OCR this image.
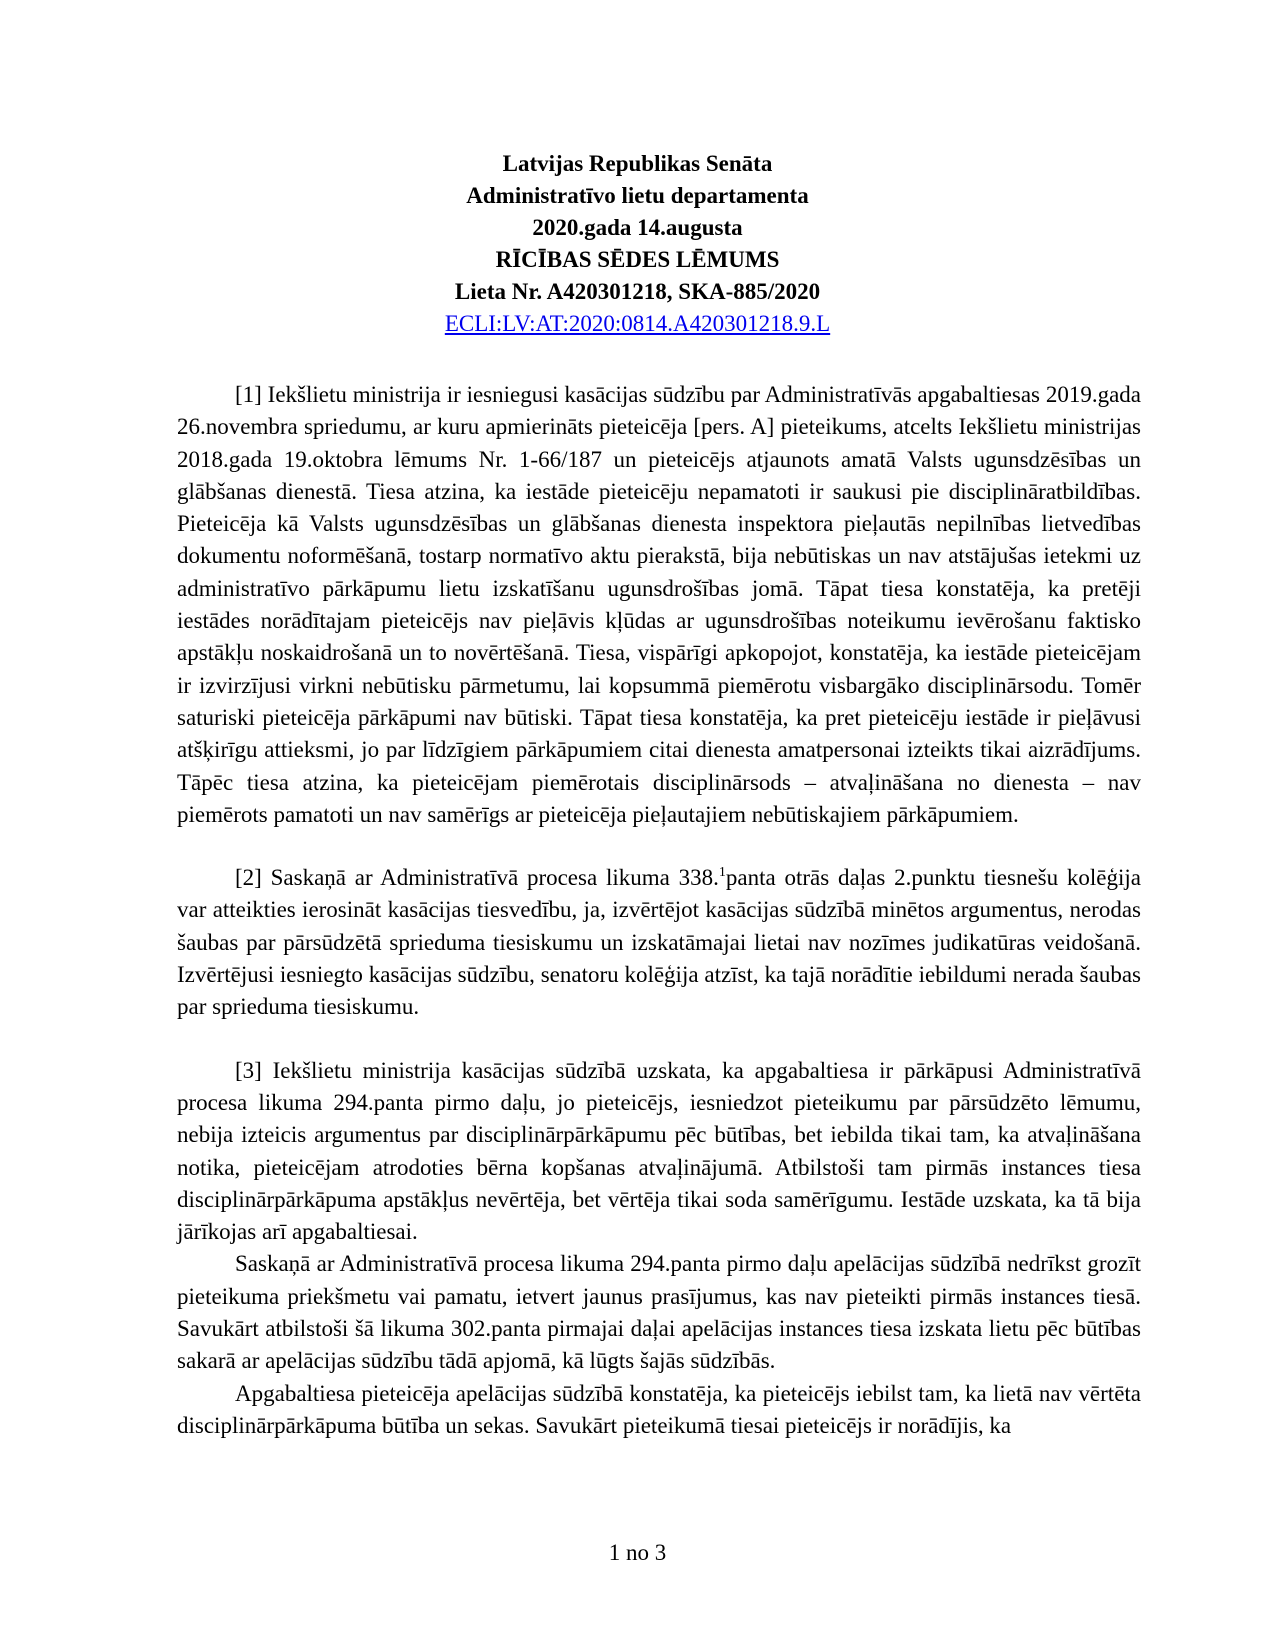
Latvijas Republikas Senāta
Administratīvo lietu departamenta
2020.gada 14.augusta
RĪCĪBAS SĒDES LĒMUMS
Lieta Nr. A420301218, SKA-885/2020
ECLI:LV:AT:2020:0814.A420301218.9.L

[1] Iekšlietu ministrija ir iesniegusi kasācijas sūdzību par Administratīvās apgabaltiesas 2019.gada 26.novembra spriedumu, ar kuru apmierināts pieteicēja [pers. A] pieteikums, atcelts Iekšlietu ministrijas 2018.gada 19.oktobra lēmums Nr. 1-66/187 un pieteicējs atjaunots amatā Valsts ugunsdzēsības un glābšanas dienestā. Tiesa atzina, ka iestāde pieteicēju nepamatoti ir saukusi pie disciplināratbildības. Pieteicēja kā Valsts ugunsdzēsības un glābšanas dienesta inspektora pieļautās nepilnības lietvedības dokumentu noformēšanā, tostarp normatīvo aktu pierakstā, bija nebūtiskas un nav atstājušas ietekmi uz administratīvo pārkāpumu lietu izskatīšanu ugunsdrošības jomā. Tāpat tiesa konstatēja, ka pretēji iestādes norādītajam pieteicējs nav pieļāvis kļūdas ar ugunsdrošības noteikumu ievērošanu faktisko apstākļu noskaidrošanā un to novērtēšanā. Tiesa, vispārīgi apkopojot, konstatēja, ka iestāde pieteicējam ir izvirzījusi virkni nebūtisku pārmetumu, lai kopsummā piemērotu visbargāko disciplinārsodu. Tomēr saturiski pieteicēja pārkāpumi nav būtiski. Tāpat tiesa konstatēja, ka pret pieteicēju iestāde ir pieļāvusi atšķirīgu attieksmi, jo par līdzīgiem pārkāpumiem citai dienesta amatpersonai izteikts tikai aizrādījums. Tāpēc tiesa atzina, ka pieteicējam piemērotais disciplinārsods – atvaļināšana no dienesta – nav piemērots pamatoti un nav samērīgs ar pieteicēja pieļautajiem nebūtiskajiem pārkāpumiem.

[2] Saskaņā ar Administratīvā procesa likuma 338.$^1$panta otrās daļas 2.punktu tiesnešu kolēģija var atteikties ierosināt kasācijas tiesvedību, ja, izvērtējot kasācijas sūdzībā minētos argumentus, nerodas šaubas par pārsūdzētā sprieduma tiesiskumu un izskatāmajai lietai nav nozīmes judikatūras veidošanā. Izvērtējusi iesniegto kasācijas sūdzību, senatoru kolēģija atzīst, ka tajā norādītie iebildumi nerada šaubas par sprieduma tiesiskumu.

[3] Iekšlietu ministrija kasācijas sūdzībā uzskata, ka apgabaltiesa ir pārkāpusi Administratīvā procesa likuma 294.panta pirmo daļu, jo pieteicējs, iesniedzot pieteikumu par pārsūdzēto lēmumu, nebija izteicis argumentus par disciplinārpārkāpumu pēc būtības, bet iebilda tikai tam, ka atvaļināšana notika, pieteicējam atrodoties bērna kopšanas atvaļinājumā. Atbilstoši tam pirmās instances tiesa disciplinārpārkāpuma apstākļus nevērtēja, bet vērtēja tikai soda samērīgumu. Iestāde uzskata, ka tā bija jārīkojas arī apgabaltiesai.

Saskaņā ar Administratīvā procesa likuma 294.panta pirmo daļu apelācijas sūdzībā nedrīkst grozīt pieteikuma priekšmetu vai pamatu, ietvert jaunus prasījumus, kas nav pieteikti pirmās instances tiesā. Savukārt atbilstoši šā likuma 302.panta pirmajai daļai apelācijas instances tiesa izskata lietu pēc būtības sakarā ar apelācijas sūdzību tādā apjomā, kā lūgts šajās sūdzībās.

Apgabaltiesa pieteicēja apelācijas sūdzībā konstatēja, ka pieteicējs iebilst tam, ka lietā nav vērtēta disciplinārpārkāpuma būtība un sekas. Savukārt pieteikumā tiesai pieteicējs ir norādījis, ka

1 no 3
